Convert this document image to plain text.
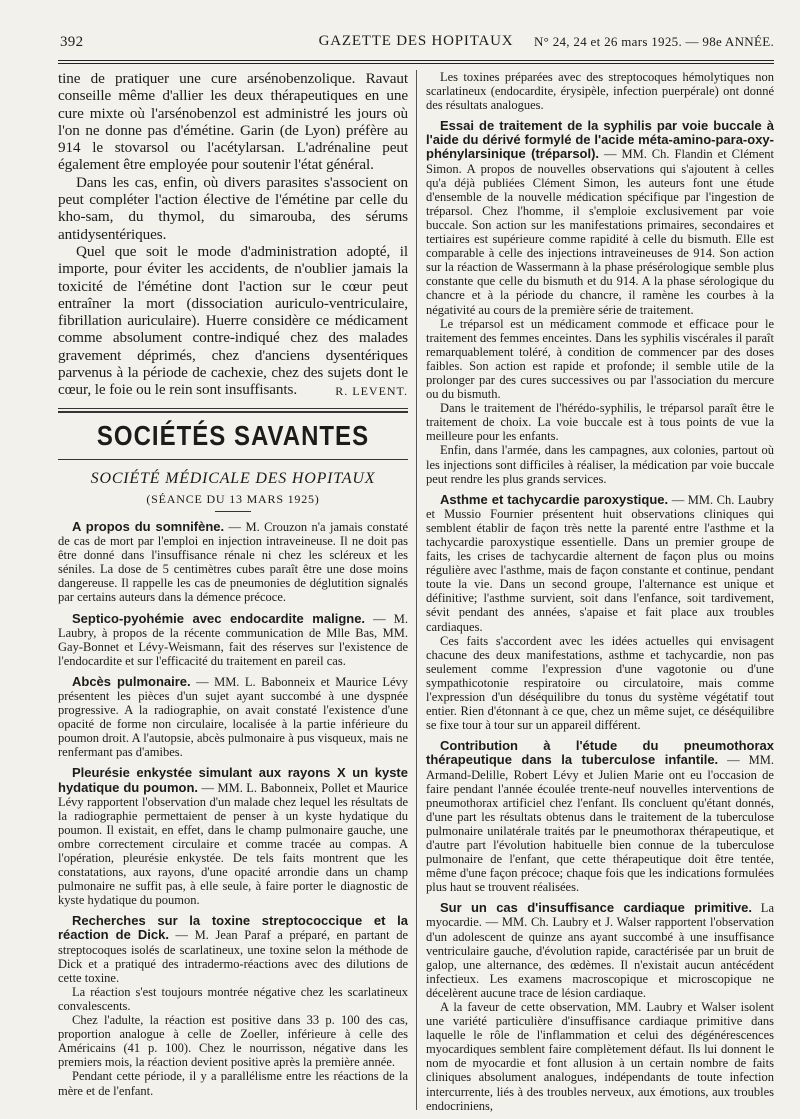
392	GAZETTE DES HOPITAUX	N° 24, 24 et 26 mars 1925. — 98e ANNÉE.

tine de pratiquer une cure arsénobenzolique. Ravaut conseille même d'allier les deux thérapeutiques en une cure mixte où l'arsénobenzol est administré les jours où l'on ne donne pas d'émétine. Garin (de Lyon) préfère au 914 le stovarsol ou l'acétylarsan. L'adrénaline peut également être employée pour soutenir l'état général.

Dans les cas, enfin, où divers parasites s'associent on peut compléter l'action élective de l'émétine par celle du kho-sam, du thymol, du simarouba, des sérums antidysentériques.

Quel que soit le mode d'administration adopté, il importe, pour éviter les accidents, de n'oublier jamais la toxicité de l'émétine dont l'action sur le cœur peut entraîner la mort (dissociation auriculo-ventriculaire, fibrillation auriculaire). Huerre considère ce médicament comme absolument contre-indiqué chez des malades gravement déprimés, chez d'anciens dysentériques parvenus à la période de cachexie, chez des sujets dont le cœur, le foie ou le rein sont insuffisants.	R. LEVENT.
SOCIÉTÉS SAVANTES
SOCIÉTÉ MÉDICALE DES HOPITAUX
(SÉANCE DU 13 MARS 1925)

A propos du somnifène. — M. Crouzon n'a jamais constaté de cas de mort par l'emploi en injection intraveineuse. Il ne doit pas être donné dans l'insuffisance rénale ni chez les scléreux et les séniles. La dose de 5 centimètres cubes paraît être une dose moins dangereuse. Il rappelle les cas de pneumonies de déglutition signalés par certains auteurs dans la démence précoce.

Septico-pyohémie avec endocardite maligne. — M. Laubry, à propos de la récente communication de Mlle Bas, MM. Gay-Bonnet et Lévy-Weismann, fait des réserves sur l'existence de l'endocardite et sur l'efficacité du traitement en pareil cas.

Abcès pulmonaire. — MM. L. Babonneix et Maurice Lévy présentent les pièces d'un sujet ayant succombé à une dyspnée progressive. A la radiographie, on avait constaté l'existence d'une opacité de forme non circulaire, localisée à la partie inférieure du poumon droit. A l'autopsie, abcès pulmonaire à pus visqueux, mais ne renfermant pas d'amibes.

Pleurésie enkystée simulant aux rayons X un kyste hydatique du poumon. — MM. L. Babonneix, Pollet et Maurice Lévy rapportent l'observation d'un malade chez lequel les résultats de la radiographie permettaient de penser à un kyste hydatique du poumon. Il existait, en effet, dans le champ pulmonaire gauche, une ombre correctement circulaire et comme tracée au compas. A l'opération, pleurésie enkystée. De tels faits montrent que les constatations, aux rayons, d'une opacité arrondie dans un champ pulmonaire ne suffit pas, à elle seule, à faire porter le diagnostic de kyste hydatique du poumon.

Recherches sur la toxine streptococcique et la réaction de Dick. — M. Jean Paraf a préparé, en partant de streptocoques isolés de scarlatineux, une toxine selon la méthode de Dick et a pratiqué des intradermo-réactions avec des dilutions de cette toxine.

La réaction s'est toujours montrée négative chez les scarlatineux convalescents.

Chez l'adulte, la réaction est positive dans 33 p. 100 des cas, proportion analogue à celle de Zoeller, inférieure à celle des Américains (41 p. 100). Chez le nourrisson, négative dans les premiers mois, la réaction devient positive après la première année.

Pendant cette période, il y a parallélisme entre les réactions de la mère et de l'enfant.

Les toxines préparées avec des streptocoques hémolytiques non scarlatineux (endocardite, érysipèle, infection puerpérale) ont donné des résultats analogues.

Essai de traitement de la syphilis par voie buccale à l'aide du dérivé formylé de l'acide méta-amino-para-oxy-phénylarsinique (tréparsol). — MM. Ch. Flandin et Clément Simon. A propos de nouvelles observations qui s'ajoutent à celles qu'a déjà publiées Clément Simon, les auteurs font une étude d'ensemble de la nouvelle médication spécifique par l'ingestion de tréparsol. Chez l'homme, il s'emploie exclusivement par voie buccale. Son action sur les manifestations primaires, secondaires et tertiaires est supérieure comme rapidité à celle du bismuth. Elle est comparable à celle des injections intraveineuses de 914. Son action sur la réaction de Wassermann à la phase présérologique semble plus constante que celle du bismuth et du 914. A la phase sérologique du chancre et à la période du chancre, il ramène les courbes à la négativité au cours de la première série de traitement.

Le tréparsol est un médicament commode et efficace pour le traitement des femmes enceintes. Dans les syphilis viscérales il paraît remarquablement toléré, à condition de commencer par des doses faibles. Son action est rapide et profonde; il semble utile de la prolonger par des cures successives ou par l'association du mercure ou du bismuth.

Dans le traitement de l'hérédo-syphilis, le tréparsol paraît être le traitement de choix. La voie buccale est à tous points de vue la meilleure pour les enfants.

Enfin, dans l'armée, dans les campagnes, aux colonies, partout où les injections sont difficiles à réaliser, la médication par voie buccale peut rendre les plus grands services.

Asthme et tachycardie paroxystique. — MM. Ch. Laubry et Mussio Fournier présentent huit observations cliniques qui semblent établir de façon très nette la parenté entre l'asthme et la tachycardie paroxystique essentielle. Dans un premier groupe de faits, les crises de tachycardie alternent de façon plus ou moins régulière avec l'asthme, mais de façon constante et continue, pendant toute la vie. Dans un second groupe, l'alternance est unique et définitive; l'asthme survient, soit dans l'enfance, soit tardivement, sévit pendant des années, s'apaise et fait place aux troubles cardiaques.

Ces faits s'accordent avec les idées actuelles qui envisagent chacune des deux manifestations, asthme et tachycardie, non pas seulement comme l'expression d'une vagotonie ou d'une sympathicotonie respiratoire ou circulatoire, mais comme l'expression d'un déséquilibre du tonus du système végétatif tout entier. Rien d'étonnant à ce que, chez un même sujet, ce déséquilibre se fixe tour à tour sur un appareil différent.

Contribution à l'étude du pneumothorax thérapeutique dans la tuberculose infantile. — MM. Armand-Delille, Robert Lévy et Julien Marie ont eu l'occasion de faire pendant l'année écoulée trente-neuf nouvelles interventions de pneumothorax artificiel chez l'enfant. Ils concluent qu'étant donnés, d'une part les résultats obtenus dans le traitement de la tuberculose pulmonaire unilatérale traités par le pneumothorax thérapeutique, et d'autre part l'évolution habituelle bien connue de la tuberculose pulmonaire de l'enfant, que cette thérapeutique doit être tentée, même d'une façon précoce; chaque fois que les indications formulées plus haut se trouvent réalisées.

Sur un cas d'insuffisance cardiaque primitive. La myocardie. — MM. Ch. Laubry et J. Walser rapportent l'observation d'un adolescent de quinze ans ayant succombé à une insuffisance ventriculaire gauche, d'évolution rapide, caractérisée par un bruit de galop, une alternance, des œdèmes. Il n'existait aucun antécédent infectieux. Les examens macroscopique et microscopique ne décelèrent aucune trace de lésion cardiaque.

A la faveur de cette observation, MM. Laubry et Walser isolent une variété particulière d'insuffisance cardiaque primitive dans laquelle le rôle de l'inflammation et celui des dégénérescences myocardiques semblent faire complètement défaut. Ils lui donnent le nom de myocardie et font allusion à un certain nombre de faits cliniques absolument analogues, indépendants de toute infection intercurrente, liés à des troubles nerveux, aux émotions, aux troubles endocriniens,
